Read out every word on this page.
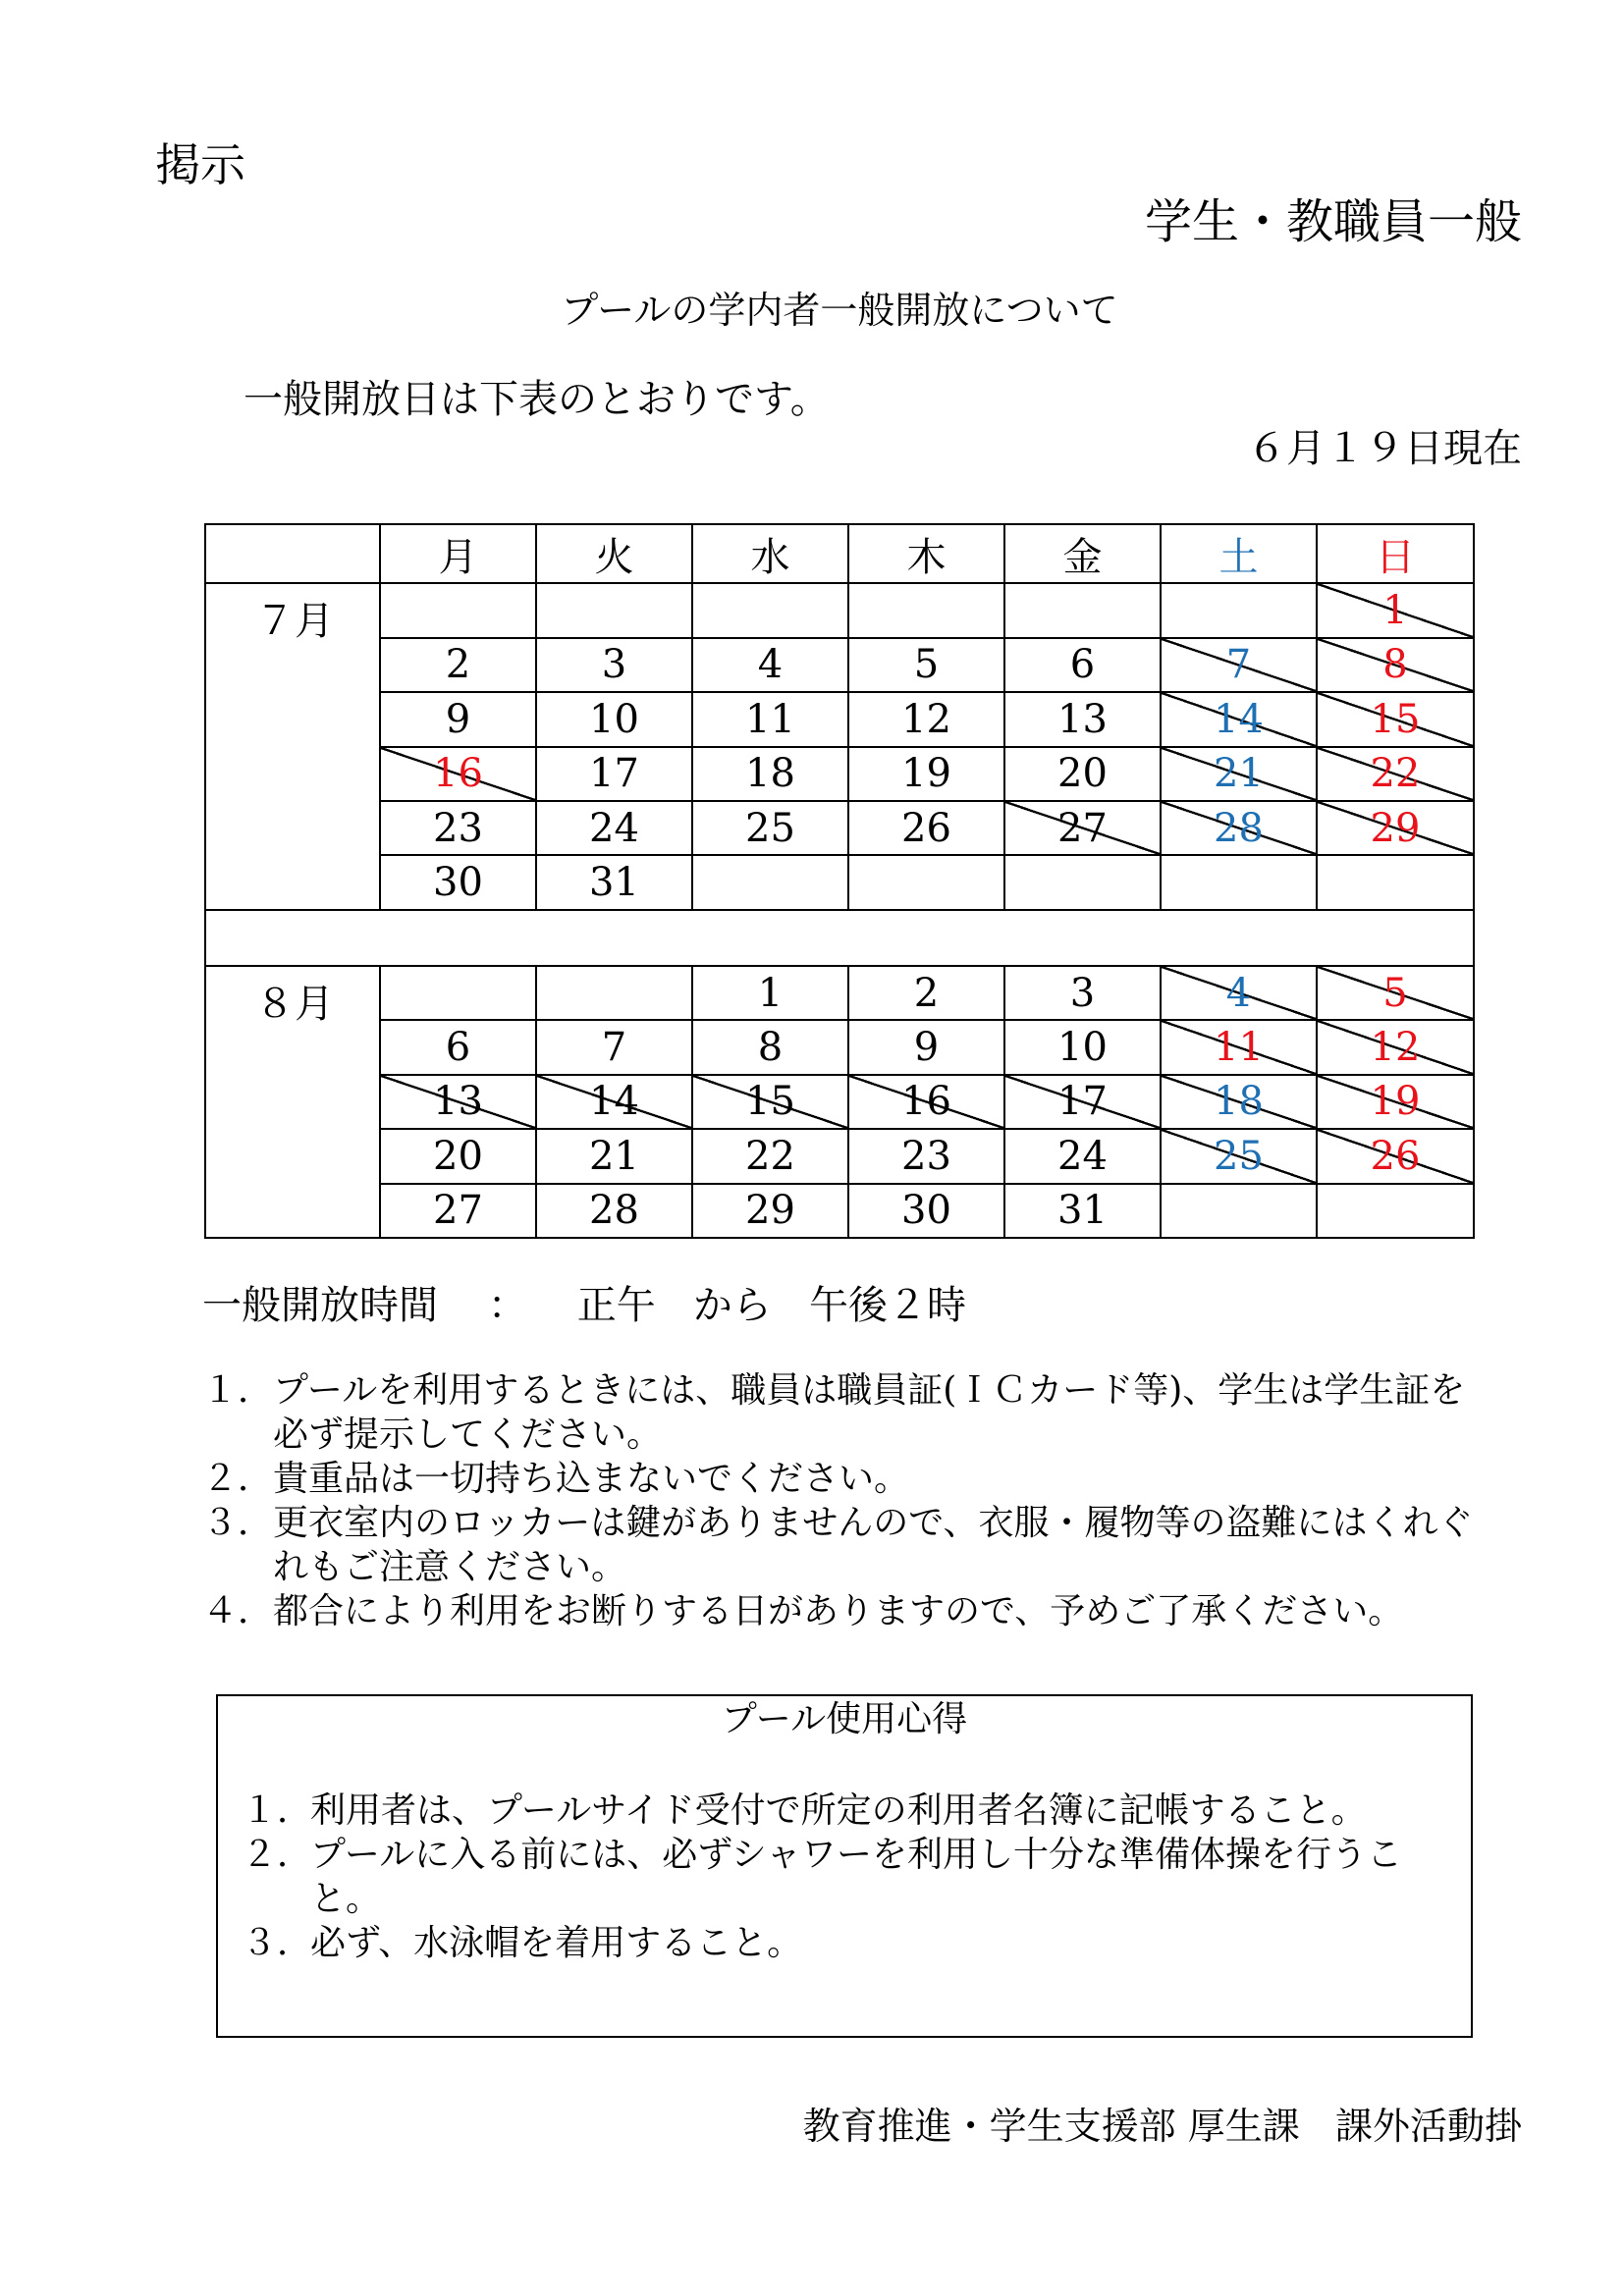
掲示
学生・教職員一般
プールの学内者一般開放について
一般開放日は下表のとおりです。
６月１９日現在
	月	火	水	木	金	土	日
７月							1
	2	3	4	5	6	7	8
	9	10	11	12	13	14	15
	16	17	18	19	20	21	22
	23	24	25	26	27	28	29
	30	31					

８月			1	2	3	4	5
	6	7	8	9	10	11	12
	13	14	15	16	17	18	19
	20	21	22	23	24	25	26
	27	28	29	30	31		
一般開放時間 ： 正午 から 午後２時
１． プールを利用するときには、職員は職員証(ＩＣカード等)、学生は学生証を必ず提示してください。
２． 貴重品は一切持ち込まないでください。
３． 更衣室内のロッカーは鍵がありませんので、衣服・履物等の盗難にはくれぐれもご注意ください。
４． 都合により利用をお断りする日がありますので、予めご了承ください。
プール使用心得
１．
利用者は、プールサイド受付で所定の利用者名簿に記帳すること。
２．
プールに入る前には、必ずシャワーを利用し十分な準備体操を行うこと。
３．
必ず、水泳帽を着用すること。
教育推進・学生支援部 厚生課 課外活動掛
